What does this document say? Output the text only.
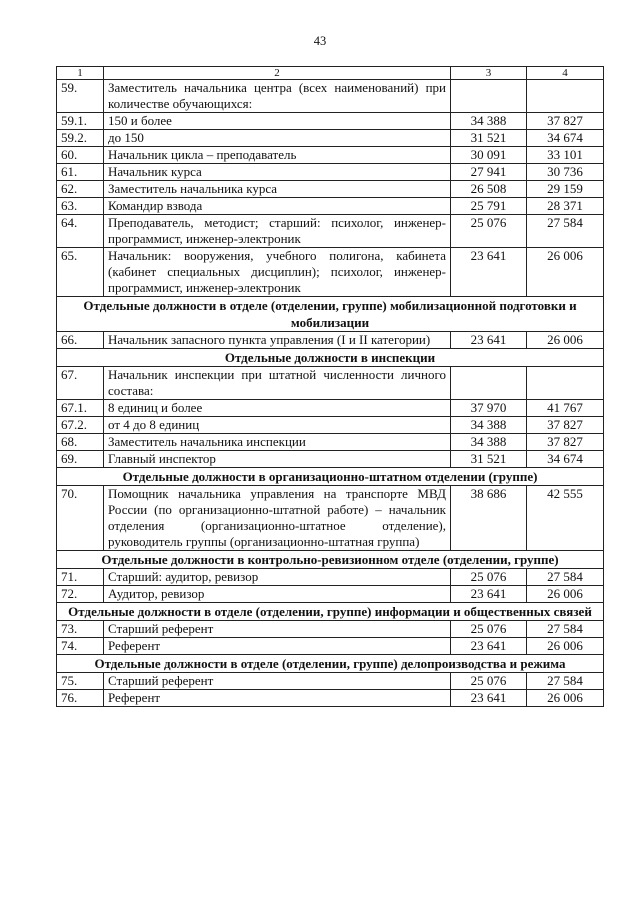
43
1	2	3	4
59.	Заместитель начальника центра (всех наименований) при количестве обучающихся:		
59.1.	150 и более	34 388	37 827
59.2.	до 150	31 521	34 674
60.	Начальник цикла – преподаватель	30 091	33 101
61.	Начальник курса	27 941	30 736
62.	Заместитель начальника курса	26 508	29 159
63.	Командир взвода	25 791	28 371
64.	Преподаватель, методист; старший: психолог, инженер-программист, инженер-электроник	25 076	27 584
65.	Начальник: вооружения, учебного полигона, кабинета (кабинет специальных дисциплин); психолог, инженер-программист, инженер-электроник	23 641	26 006
Отдельные должности в отделе (отделении, группе) мобилизационной подготовки и мобилизации			
66.	Начальник запасного пункта управления (I и II категории)	23 641	26 006
Отдельные должности в инспекции			
67.	Начальник инспекции при штатной численности личного состава:		
67.1.	8 единиц и более	37 970	41 767
67.2.	от 4 до 8 единиц	34 388	37 827
68.	Заместитель начальника инспекции	34 388	37 827
69.	Главный инспектор	31 521	34 674
Отдельные должности в организационно-штатном отделении (группе)			
70.	Помощник начальника управления на транспорте МВД России (по организационно-штатной работе) – начальник отделения (организационно-штатное отделение), руководитель группы (организационно-штатная группа)	38 686	42 555
Отдельные должности в контрольно-ревизионном отделе (отделении, группе)			
71.	Старший: аудитор, ревизор	25 076	27 584
72.	Аудитор, ревизор	23 641	26 006
Отдельные должности в отделе (отделении, группе) информации и общественных связей			
73.	Старший референт	25 076	27 584
74.	Референт	23 641	26 006
Отдельные должности в отделе (отделении, группе) делопроизводства и режима			
75.	Старший референт	25 076	27 584
76.	Референт	23 641	26 006
